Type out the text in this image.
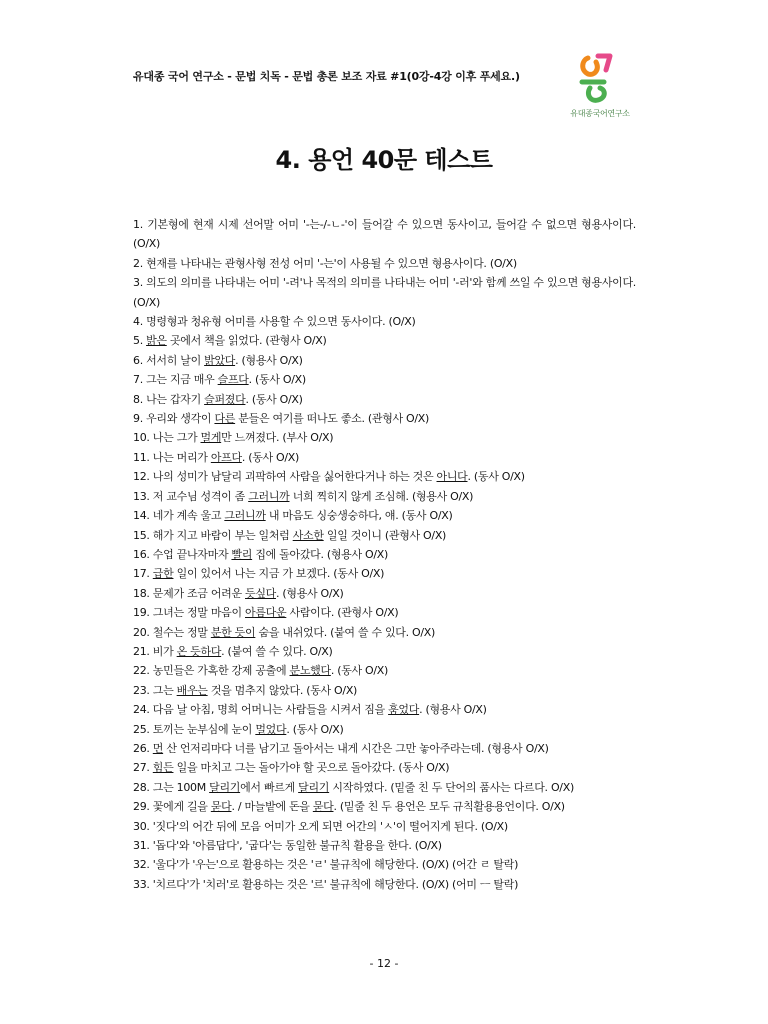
유대종 국어 연구소 - 문법 치독 - 문법 총론 보조 자료 #1(0강-4강 이후 푸세요.)
유대종국어연구소
4. 용언 40문 테스트

1. 기본형에 현재 시제 선어말 어미 '-는-/-ㄴ-'이 들어갈 수 있으면 동사이고, 들어갈 수 없으면 형용사이다. (O/X)

2. 현재를 나타내는 관형사형 전성 어미 '-는'이 사용될 수 있으면 형용사이다. (O/X)

3. 의도의 의미를 나타내는 어미 '-려'나 목적의 의미를 나타내는 어미 '-러'와 함께 쓰일 수 있으면 형용사이다. (O/X)

4. 명령형과 청유형 어미를 사용할 수 있으면 동사이다. (O/X)

5. 밝은 곳에서 책을 읽었다. (관형사 O/X)

6. 서서히 날이 밝았다. (형용사 O/X)

7. 그는 지금 매우 슬프다. (동사 O/X)

8. 나는 갑자기 슬퍼졌다. (동사 O/X)

9. 우리와 생각이 다른 분들은 여기를 떠나도 좋소. (관형사 O/X)

10. 나는 그가 멀게만 느껴졌다. (부사 O/X)

11. 나는 머리가 아프다. (동사 O/X)

12. 나의 성미가 남달리 괴팍하여 사람을 싫어한다거나 하는 것은 아니다. (동사 O/X)

13. 저 교수님 성격이 좀 그러니까 너희 찍히지 않게 조심해. (형용사 O/X)

14. 네가 계속 울고 그러니까 내 마음도 싱숭생숭하다, 얘. (동사 O/X)

15. 해가 지고 바람이 부는 일처럼 사소한 일일 것이니 (관형사 O/X)

16. 수업 끝나자마자 빨리 집에 돌아갔다. (형용사 O/X)

17. 급한 일이 있어서 나는 지금 가 보겠다. (동사 O/X)

18. 문제가 조금 어려운 듯싶다. (형용사 O/X)

19. 그녀는 정말 마음이 아름다운 사람이다. (관형사 O/X)

20. 철수는 정말 분한 듯이 숨을 내쉬었다. (붙여 쓸 수 있다. O/X)

21. 비가 온 듯하다. (붙여 쓸 수 있다. O/X)

22. 농민들은 가혹한 강제 공출에 분노했다. (동사 O/X)

23. 그는 배우는 것을 멈추지 않았다. (동사 O/X)

24. 다음 날 아침, 명희 어머니는 사람들을 시켜서 짐을 훔었다. (형용사 O/X)

25. 토끼는 눈부심에 눈이 멀었다. (동사 O/X)

26. 먼 산 언저리마다 너를 남기고 돌아서는 내게 시간은 그만 놓아주라는데. (형용사 O/X)

27. 힘든 일을 마치고 그는 돌아가야 할 곳으로 돌아갔다. (동사 O/X)

28. 그는 100M 달리기에서 빠르게 달리기 시작하였다. (밑줄 친 두 단어의 품사는 다르다. O/X)

29. 꽃에게 길을 묻다. / 마늘밭에 돈을 묻다. (밑줄 친 두 용언은 모두 규칙활용용언이다. O/X)

30. '짓다'의 어간 뒤에 모음 어미가 오게 되면 어간의 'ㅅ'이 떨어지게 된다. (O/X)

31. '돕다'와 '아름답다', '굽다'는 동일한 불규칙 활용을 한다. (O/X)

32. '울다'가 '우는'으로 활용하는 것은 'ㄹ' 불규칙에 해당한다. (O/X) (어간 ㄹ 탈락)

33. '치르다'가 '치러'로 활용하는 것은 '르' 불규칙에 해당한다. (O/X) (어미 ㅡ 탈락)

- 12 -
